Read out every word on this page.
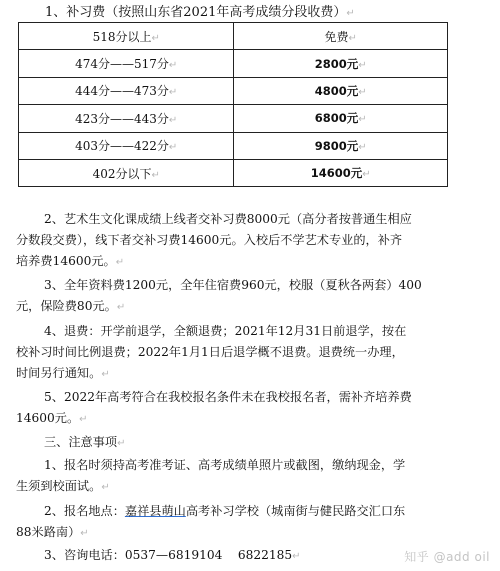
1、补习费（按照山东省2021年高考成绩分段收费）↵
518分以上↵	免费↵
474分——517分↵	2800元↵
444分——473分↵	4800元↵
423分——443分↵	6800元↵
403分——422分↵	9800元↵
402分以下↵	14600元↵
2、艺术生文化课成绩上线者交补习费8000元（高分者按普通生相应
分数段交费），线下者交补习费14600元。入校后不学艺术专业的，补齐
培养费14600元。↵
3、全年资料费1200元，全年住宿费960元，校服（夏秋各两套）400
元，保险费80元。↵
4、退费：开学前退学，全额退费；2021年12月31日前退学，按在
校补习时间比例退费；2022年1月1日后退学概不退费。退费统一办理，
时间另行通知。↵
5、2022年高考符合在我校报名条件未在我校报名者，需补齐培养费
14600元。↵
三、注意事项↵
1、报名时须持高考准考证、高考成绩单照片或截图，缴纳现金，学
生须到校面试。↵
2、报名地点：嘉祥县萌山高考补习学校（城南街与健民路交汇口东
88米路南）↵
3、咨询电话：0537—6819104    6822185↵	知乎 @add oil
